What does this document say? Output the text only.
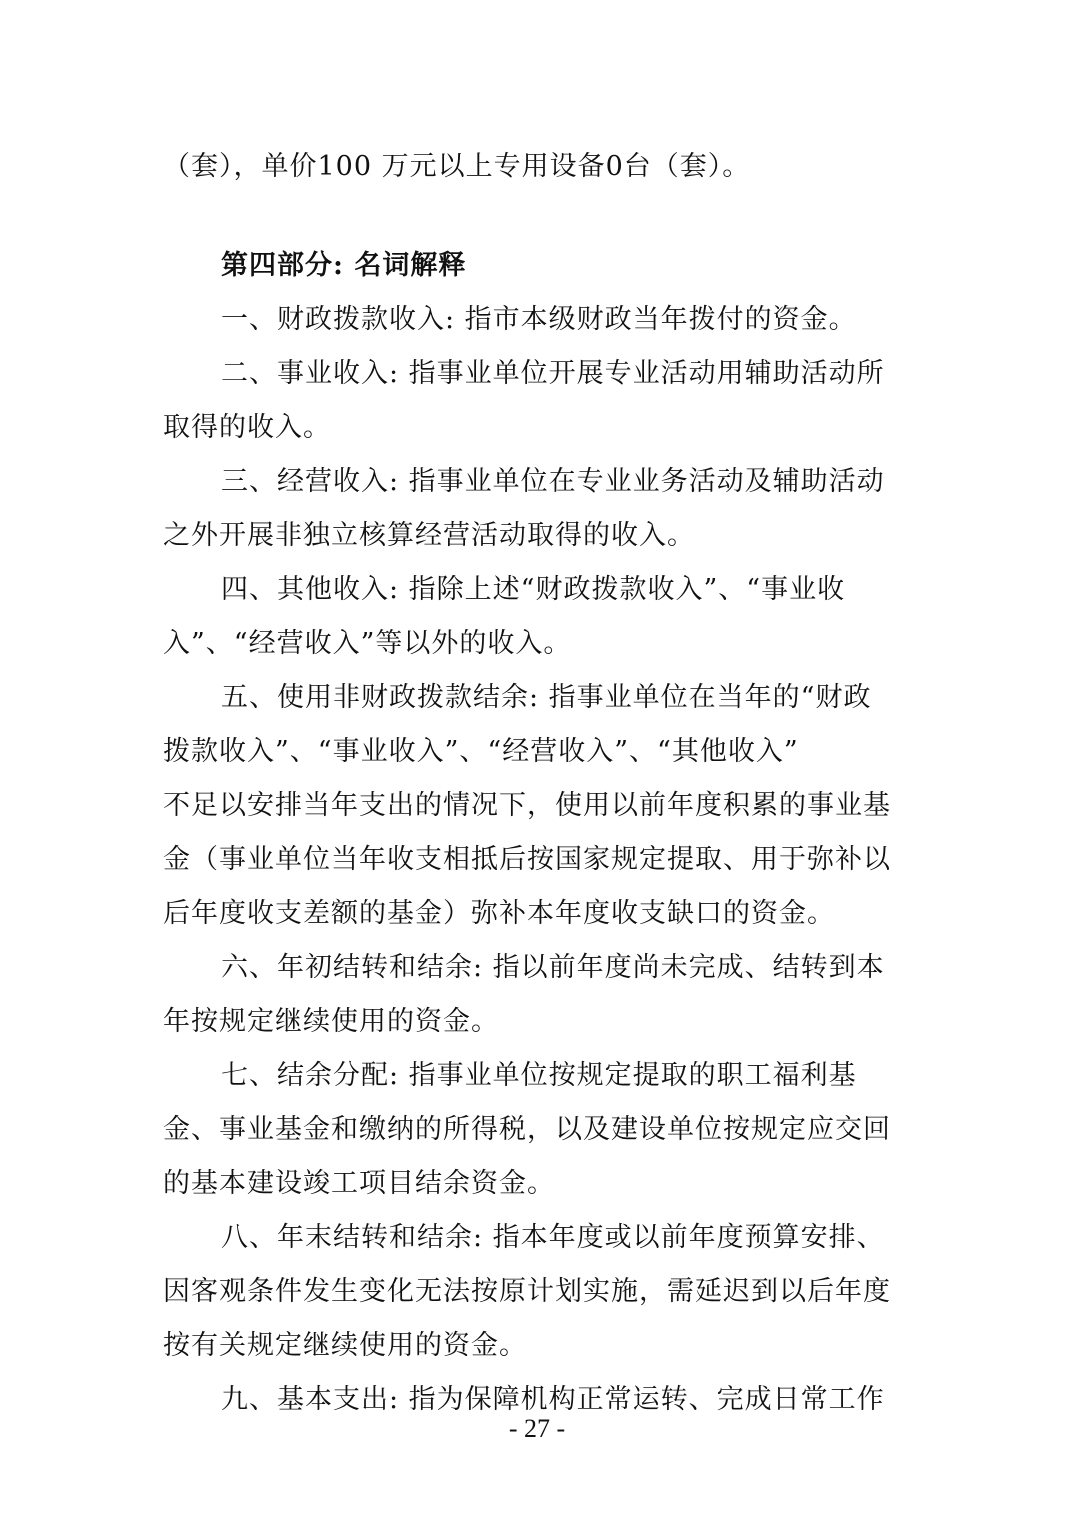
（套），单价100 万元以上专用设备0台（套）。
第四部分: 名词解释
一、财政拨款收入: 指市本级财政当年拨付的资金。
二、事业收入: 指事业单位开展专业活动用辅助活动所
取得的收入。
三、经营收入: 指事业单位在专业业务活动及辅助活动
之外开展非独立核算经营活动取得的收入。
四、其他收入: 指除上述“财政拨款收入”、“事业收
入”、“经营收入”等以外的收入。
五、使用非财政拨款结余: 指事业单位在当年的“财政
拨款收入”、“事业收入”、“经营收入”、“其他收入”
不足以安排当年支出的情况下，使用以前年度积累的事业基
金（事业单位当年收支相抵后按国家规定提取、用于弥补以
后年度收支差额的基金）弥补本年度收支缺口的资金。
六、年初结转和结余: 指以前年度尚未完成、结转到本
年按规定继续使用的资金。
七、结余分配: 指事业单位按规定提取的职工福利基
金、事业基金和缴纳的所得税，以及建设单位按规定应交回
的基本建设竣工项目结余资金。
八、年末结转和结余: 指本年度或以前年度预算安排、
因客观条件发生变化无法按原计划实施，需延迟到以后年度
按有关规定继续使用的资金。
九、基本支出: 指为保障机构正常运转、完成日常工作
- 27 -
